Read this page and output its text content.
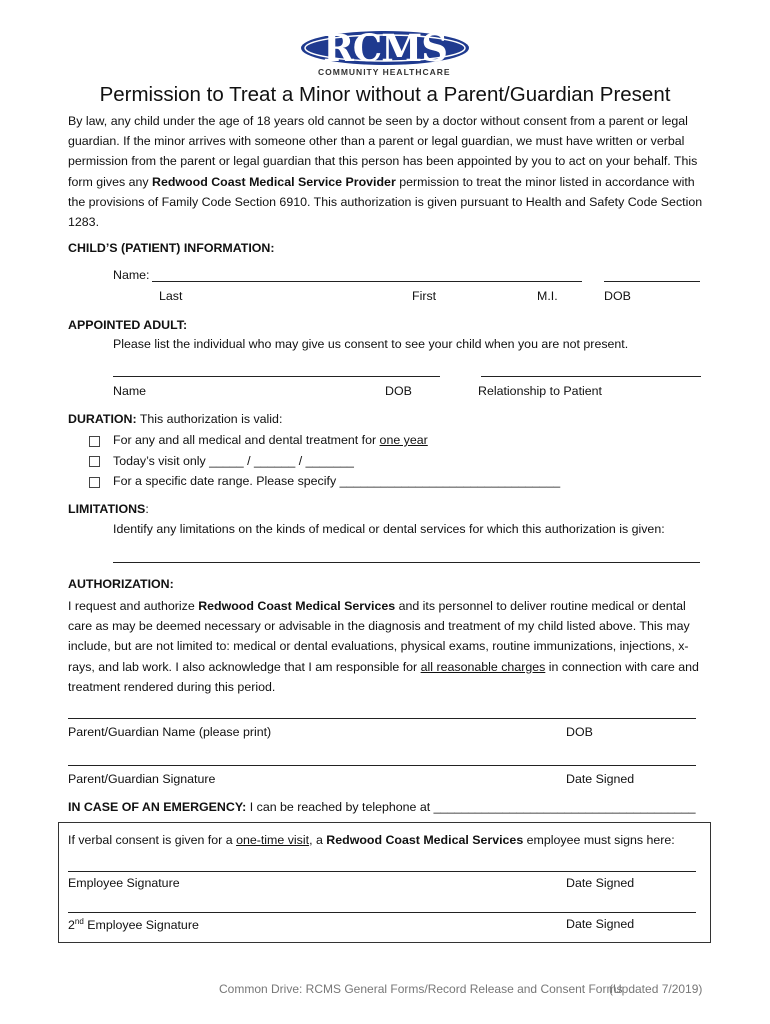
RCMS
COMMUNITY HEALTHCARE
Permission to Treat a Minor without a Parent/Guardian Present
By law, any child under the age of 18 years old cannot be seen by a doctor without consent from a parent or legal guardian. If the minor arrives with someone other than a parent or legal guardian, we must have written or verbal permission from the parent or legal guardian that this person has been appointed by you to act on your behalf. This form gives any Redwood Coast Medical Service Provider permission to treat the minor listed in accordance with the provisions of Family Code Section 6910. This authorization is given pursuant to Health and Safety Code Section 1283.
CHILD’S (PATIENT) INFORMATION:
Name:
Last	First	M.I.	DOB
APPOINTED ADULT:
Please list the individual who may give us consent to see your child when you are not present.
Name	DOB	Relationship to Patient
DURATION: This authorization is valid:
For any and all medical and dental treatment for one year
Today’s visit only _____ / ______ / _______
For a specific date range. Please specify ________________________________
LIMITATIONS:
Identify any limitations on the kinds of medical or dental services for which this authorization is given:
AUTHORIZATION:
I request and authorize Redwood Coast Medical Services and its personnel to deliver routine medical or dental care as may be deemed necessary or advisable in the diagnosis and treatment of my child listed above. This may include, but are not limited to: medical or dental evaluations, physical exams, routine immunizations, injections, x-rays, and lab work. I also acknowledge that I am responsible for all reasonable charges in connection with care and treatment rendered during this period.
Parent/Guardian Name (please print)	DOB
Parent/Guardian Signature	Date Signed
IN CASE OF AN EMERGENCY: I can be reached by telephone at ______________________________________
If verbal consent is given for a one-time visit, a Redwood Coast Medical Services employee must signs here:
Employee Signature	Date Signed
2nd Employee Signature	Date Signed
Common Drive: RCMS General Forms/Record Release and Consent Forms
(Updated 7/2019)
